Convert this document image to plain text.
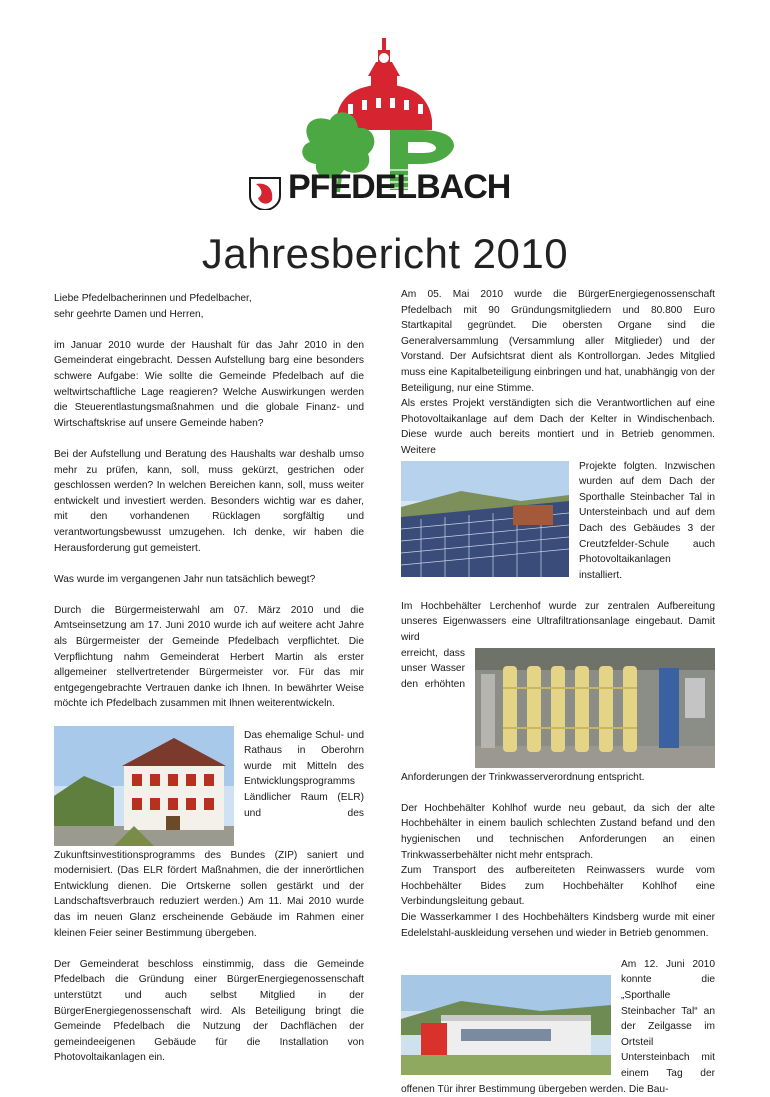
PFEDELBACH
Jahresbericht 2010
Liebe Pfedelbacherinnen und Pfedelbacher,

sehr geehrte Damen und Herren,

im Januar 2010 wurde der Haushalt für das Jahr 2010 in den Gemeinderat eingebracht. Dessen Aufstellung barg eine besonders schwere Aufgabe: Wie sollte die Gemeinde Pfedelbach auf die weltwirtschaftliche Lage reagieren? Welche Auswirkungen werden die Steuerentlastungsmaßnahmen und die globale Finanz- und Wirtschaftskrise auf unsere Gemeinde haben?

Bei der Aufstellung und Beratung des Haushalts war deshalb umso mehr zu prüfen, kann, soll, muss gekürzt, gestrichen oder geschlossen werden? In welchen Bereichen kann, soll, muss weiter entwickelt und investiert werden. Besonders wichtig war es daher, mit den vorhandenen Rücklagen sorgfältig und verantwortungsbewusst umzugehen. Ich denke, wir haben die Herausforderung gut gemeistert.

Was wurde im vergangenen Jahr nun tatsächlich bewegt?

Durch die Bürgermeisterwahl am 07. März 2010 und die Amtseinsetzung am 17. Juni 2010 wurde ich auf weitere acht Jahre als Bürgermeister der Gemeinde Pfedelbach verpflichtet. Die Verpflichtung nahm Gemeinderat Herbert Martin als erster allgemeiner stellvertretender Bürgermeister vor. Für das mir entgegengebrachte Vertrauen danke ich Ihnen. In bewährter Weise möchte ich Pfedelbach zusammen mit Ihnen weiterentwickeln.

Das ehemalige Schul- und Rathaus in Oberohrn wurde mit Mitteln des Entwicklungsprogramms Ländlicher Raum (ELR) und des Zukunftsinvestitionsprogramms des Bundes (ZIP) saniert und modernisiert. (Das ELR fördert Maßnahmen, die der innerörtlichen Entwicklung dienen. Die Ortskerne sollen gestärkt und der Landschaftsverbrauch reduziert werden.) Am 11. Mai 2010 wurde das im neuen Glanz erscheinende Gebäude im Rahmen einer kleinen Feier seiner Bestimmung übergeben.

Der Gemeinderat beschloss einstimmig, dass die Gemeinde Pfedelbach die Gründung einer BürgerEnergiegenossenschaft unterstützt und auch selbst Mitglied in der BürgerEnergiegenossenschaft wird. Als Beteiligung bringt die Gemeinde Pfedelbach die Nutzung der Dachflächen der gemeindeeigenen Gebäude für die Installation von Photovoltaikanlagen ein.

Am 05. Mai 2010 wurde die BürgerEnergiegenossenschaft Pfedelbach mit 90 Gründungsmitgliedern und 80.800 Euro Startkapital gegründet. Die obersten Organe sind die Generalversammlung (Versammlung aller Mitglieder) und der Vorstand. Der Aufsichtsrat dient als Kontrollorgan. Jedes Mitglied muss eine Kapitalbeteiligung einbringen und hat, unabhängig von der Beteiligung, nur eine Stimme.
Als erstes Projekt verständigten sich die Verantwortlichen auf eine Photovoltaikanlage auf dem Dach der Kelter in Windischenbach. Diese wurde auch bereits montiert und in Betrieb genommen. Weitere
Projekte folgten. Inzwischen wurden auf dem Dach der Sporthalle Steinbacher Tal in Untersteinbach und auf dem Dach des Gebäudes 3 der Creutzfelder-Schule auch Photovoltaikanlagen installiert.
Im Hochbehälter Lerchenhof wurde zur zentralen Aufbereitung unseres Eigenwassers eine Ultrafiltrationsanlage eingebaut. Damit wird
erreicht, dass unser Wasser den erhöhten Anforderungen der Trinkwasserverordnung entspricht.
Der Hochbehälter Kohlhof wurde neu gebaut, da sich der alte Hochbehälter in einem baulich schlechten Zustand befand und den hygienischen und technischen Anforderungen an einen Trinkwasserbehälter nicht mehr entsprach.
Zum Transport des aufbereiteten Reinwassers wurde vom Hochbehälter Bides zum Hochbehälter Kohlhof eine Verbindungsleitung gebaut.

Die Wasserkammer I des Hochbehälters Kindsberg wurde mit einer Edelelstahl-auskleidung versehen und wieder in Betrieb genommen.

Am 12. Juni 2010 konnte die „Sporthalle Steinbacher Tal“ an der Zeilgasse im Ortsteil Untersteinbach mit einem Tag der offenen Tür ihrer Bestimmung übergeben werden. Die Bau-
